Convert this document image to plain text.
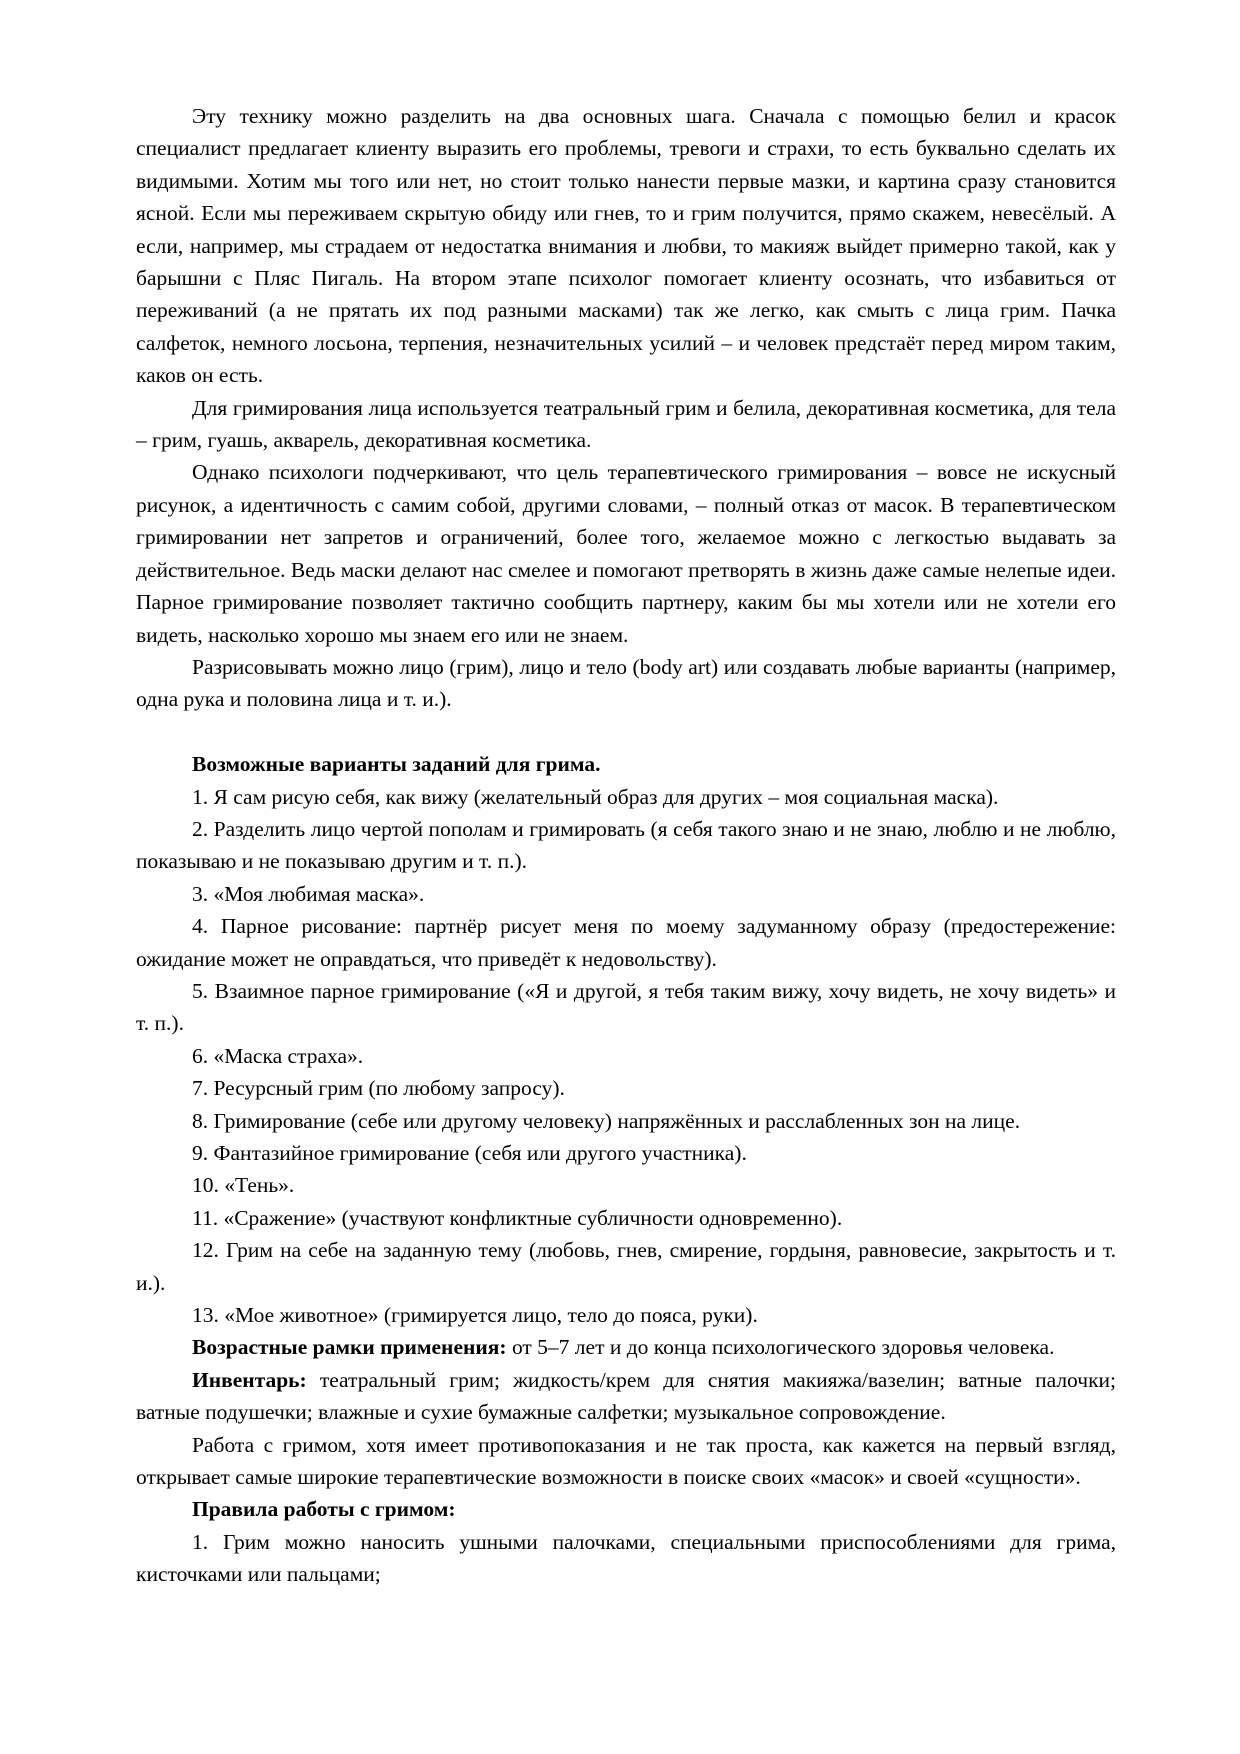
Эту технику можно разделить на два основных шага. Сначала с помощью белил и красок специалист предлагает клиенту выразить его проблемы, тревоги и страхи, то есть буквально сделать их видимыми. Хотим мы того или нет, но стоит только нанести первые мазки, и картина сразу становится ясной. Если мы переживаем скрытую обиду или гнев, то и грим получится, прямо скажем, невесёлый. А если, например, мы страдаем от недостатка внимания и любви, то макияж выйдет примерно такой, как у барышни с Пляс Пигаль. На втором этапе психолог помогает клиенту осознать, что избавиться от переживаний (а не прятать их под разными масками) так же легко, как смыть с лица грим. Пачка салфеток, немного лосьона, терпения, незначительных усилий – и человек предстаёт перед миром таким, каков он есть.

Для гримирования лица используется театральный грим и белила, декоративная косметика, для тела – грим, гуашь, акварель, декоративная косметика.

Однако психологи подчеркивают, что цель терапевтического гримирования – вовсе не искусный рисунок, а идентичность с самим собой, другими словами, – полный отказ от масок. В терапевтическом гримировании нет запретов и ограничений, более того, желаемое можно с легкостью выдавать за действительное. Ведь маски делают нас смелее и помогают претворять в жизнь даже самые нелепые идеи. Парное гримирование позволяет тактично сообщить партнеру, каким бы мы хотели или не хотели его видеть, насколько хорошо мы знаем его или не знаем.

Разрисовывать можно лицо (грим), лицо и тело (body art) или создавать любые варианты (например, одна рука и половина лица и т. и.).

Возможные варианты заданий для грима.

1. Я сам рисую себя, как вижу (желательный образ для других – моя социальная маска).

2. Разделить лицо чертой пополам и гримировать (я себя такого знаю и не знаю, люблю и не люблю, показываю и не показываю другим и т. п.).

3. «Моя любимая маска».

4. Парное рисование: партнёр рисует меня по моему задуманному образу (предостережение: ожидание может не оправдаться, что приведёт к недовольству).

5. Взаимное парное гримирование («Я и другой, я тебя таким вижу, хочу видеть, не хочу видеть» и т. п.).

6. «Маска страха».

7. Ресурсный грим (по любому запросу).

8. Гримирование (себе или другому человеку) напряжённых и расслабленных зон на лице.

9. Фантазийное гримирование (себя или другого участника).

10. «Тень».

11. «Сражение» (участвуют конфликтные субличности одновременно).

12. Грим на себе на заданную тему (любовь, гнев, смирение, гордыня, равновесие, закрытость и т. и.).

13. «Мое животное» (гримируется лицо, тело до пояса, руки).

Возрастные рамки применения: от 5–7 лет и до конца психологического здоровья человека.

Инвентарь: театральный грим; жидкость/крем для снятия макияжа/вазелин; ватные палочки; ватные подушечки; влажные и сухие бумажные салфетки; музыкальное сопровождение.

Работа с гримом, хотя имеет противопоказания и не так проста, как кажется на первый взгляд, открывает самые широкие терапевтические возможности в поиске своих «масок» и своей «сущности».

Правила работы с гримом:

1. Грим можно наносить ушными палочками, специальными приспособлениями для грима, кисточками или пальцами;
